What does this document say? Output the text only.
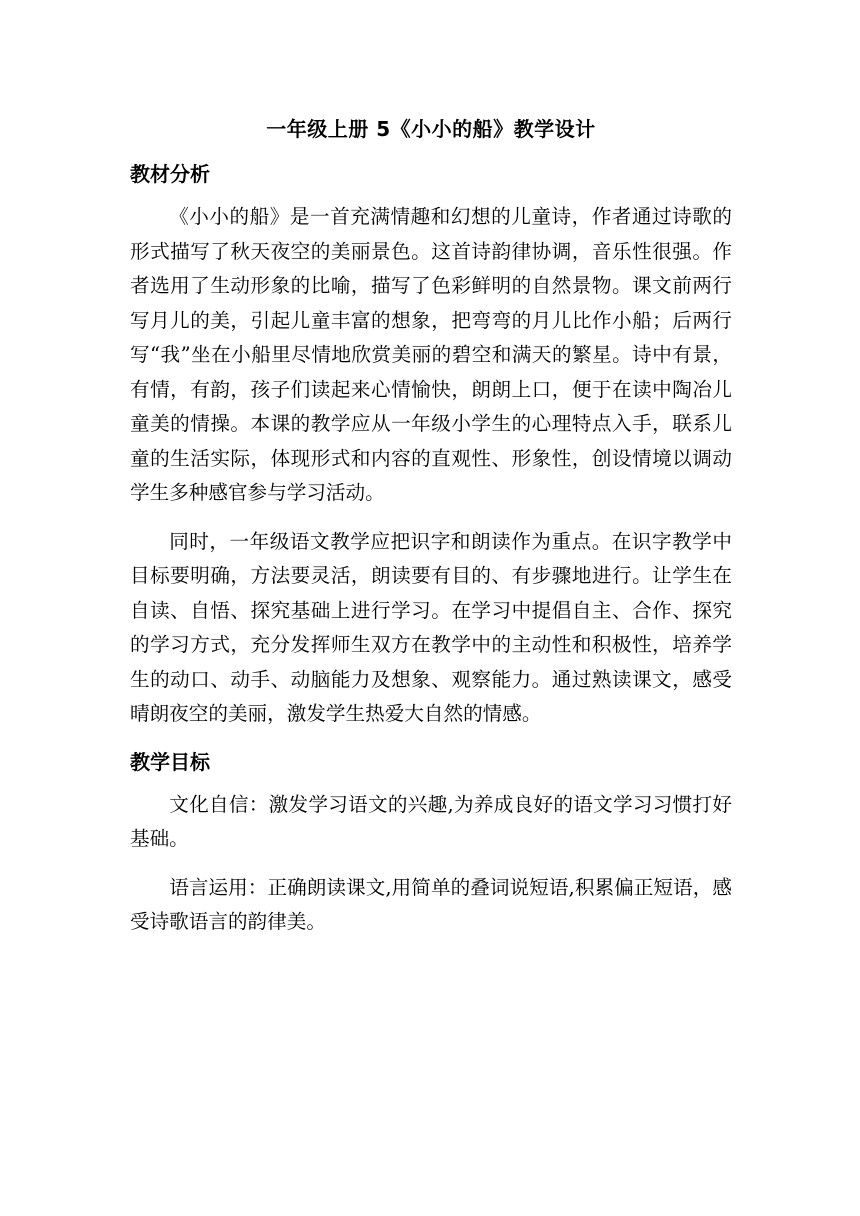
一年级上册 5《小小的船》教学设计
教材分析

《小小的船》是一首充满情趣和幻想的儿童诗，作者通过诗歌的形式描写了秋天夜空的美丽景色。这首诗韵律协调，音乐性很强。作者选用了生动形象的比喻，描写了色彩鲜明的自然景物。课文前两行写月儿的美，引起儿童丰富的想象，把弯弯的月儿比作小船；后两行写“我”坐在小船里尽情地欣赏美丽的碧空和满天的繁星。诗中有景，有情，有韵，孩子们读起来心情愉快，朗朗上口，便于在读中陶冶儿童美的情操。本课的教学应从一年级小学生的心理特点入手，联系儿童的生活实际，体现形式和内容的直观性、形象性，创设情境以调动学生多种感官参与学习活动。

同时，一年级语文教学应把识字和朗读作为重点。在识字教学中目标要明确，方法要灵活，朗读要有目的、有步骤地进行。让学生在自读、自悟、探究基础上进行学习。在学习中提倡自主、合作、探究的学习方式，充分发挥师生双方在教学中的主动性和积极性，培养学生的动口、动手、动脑能力及想象、观察能力。通过熟读课文，感受晴朗夜空的美丽，激发学生热爱大自然的情感。

教学目标

文化自信：激发学习语文的兴趣,为养成良好的语文学习习惯打好基础。

语言运用：正确朗读课文,用简单的叠词说短语,积累偏正短语，感受诗歌语言的韵律美。
